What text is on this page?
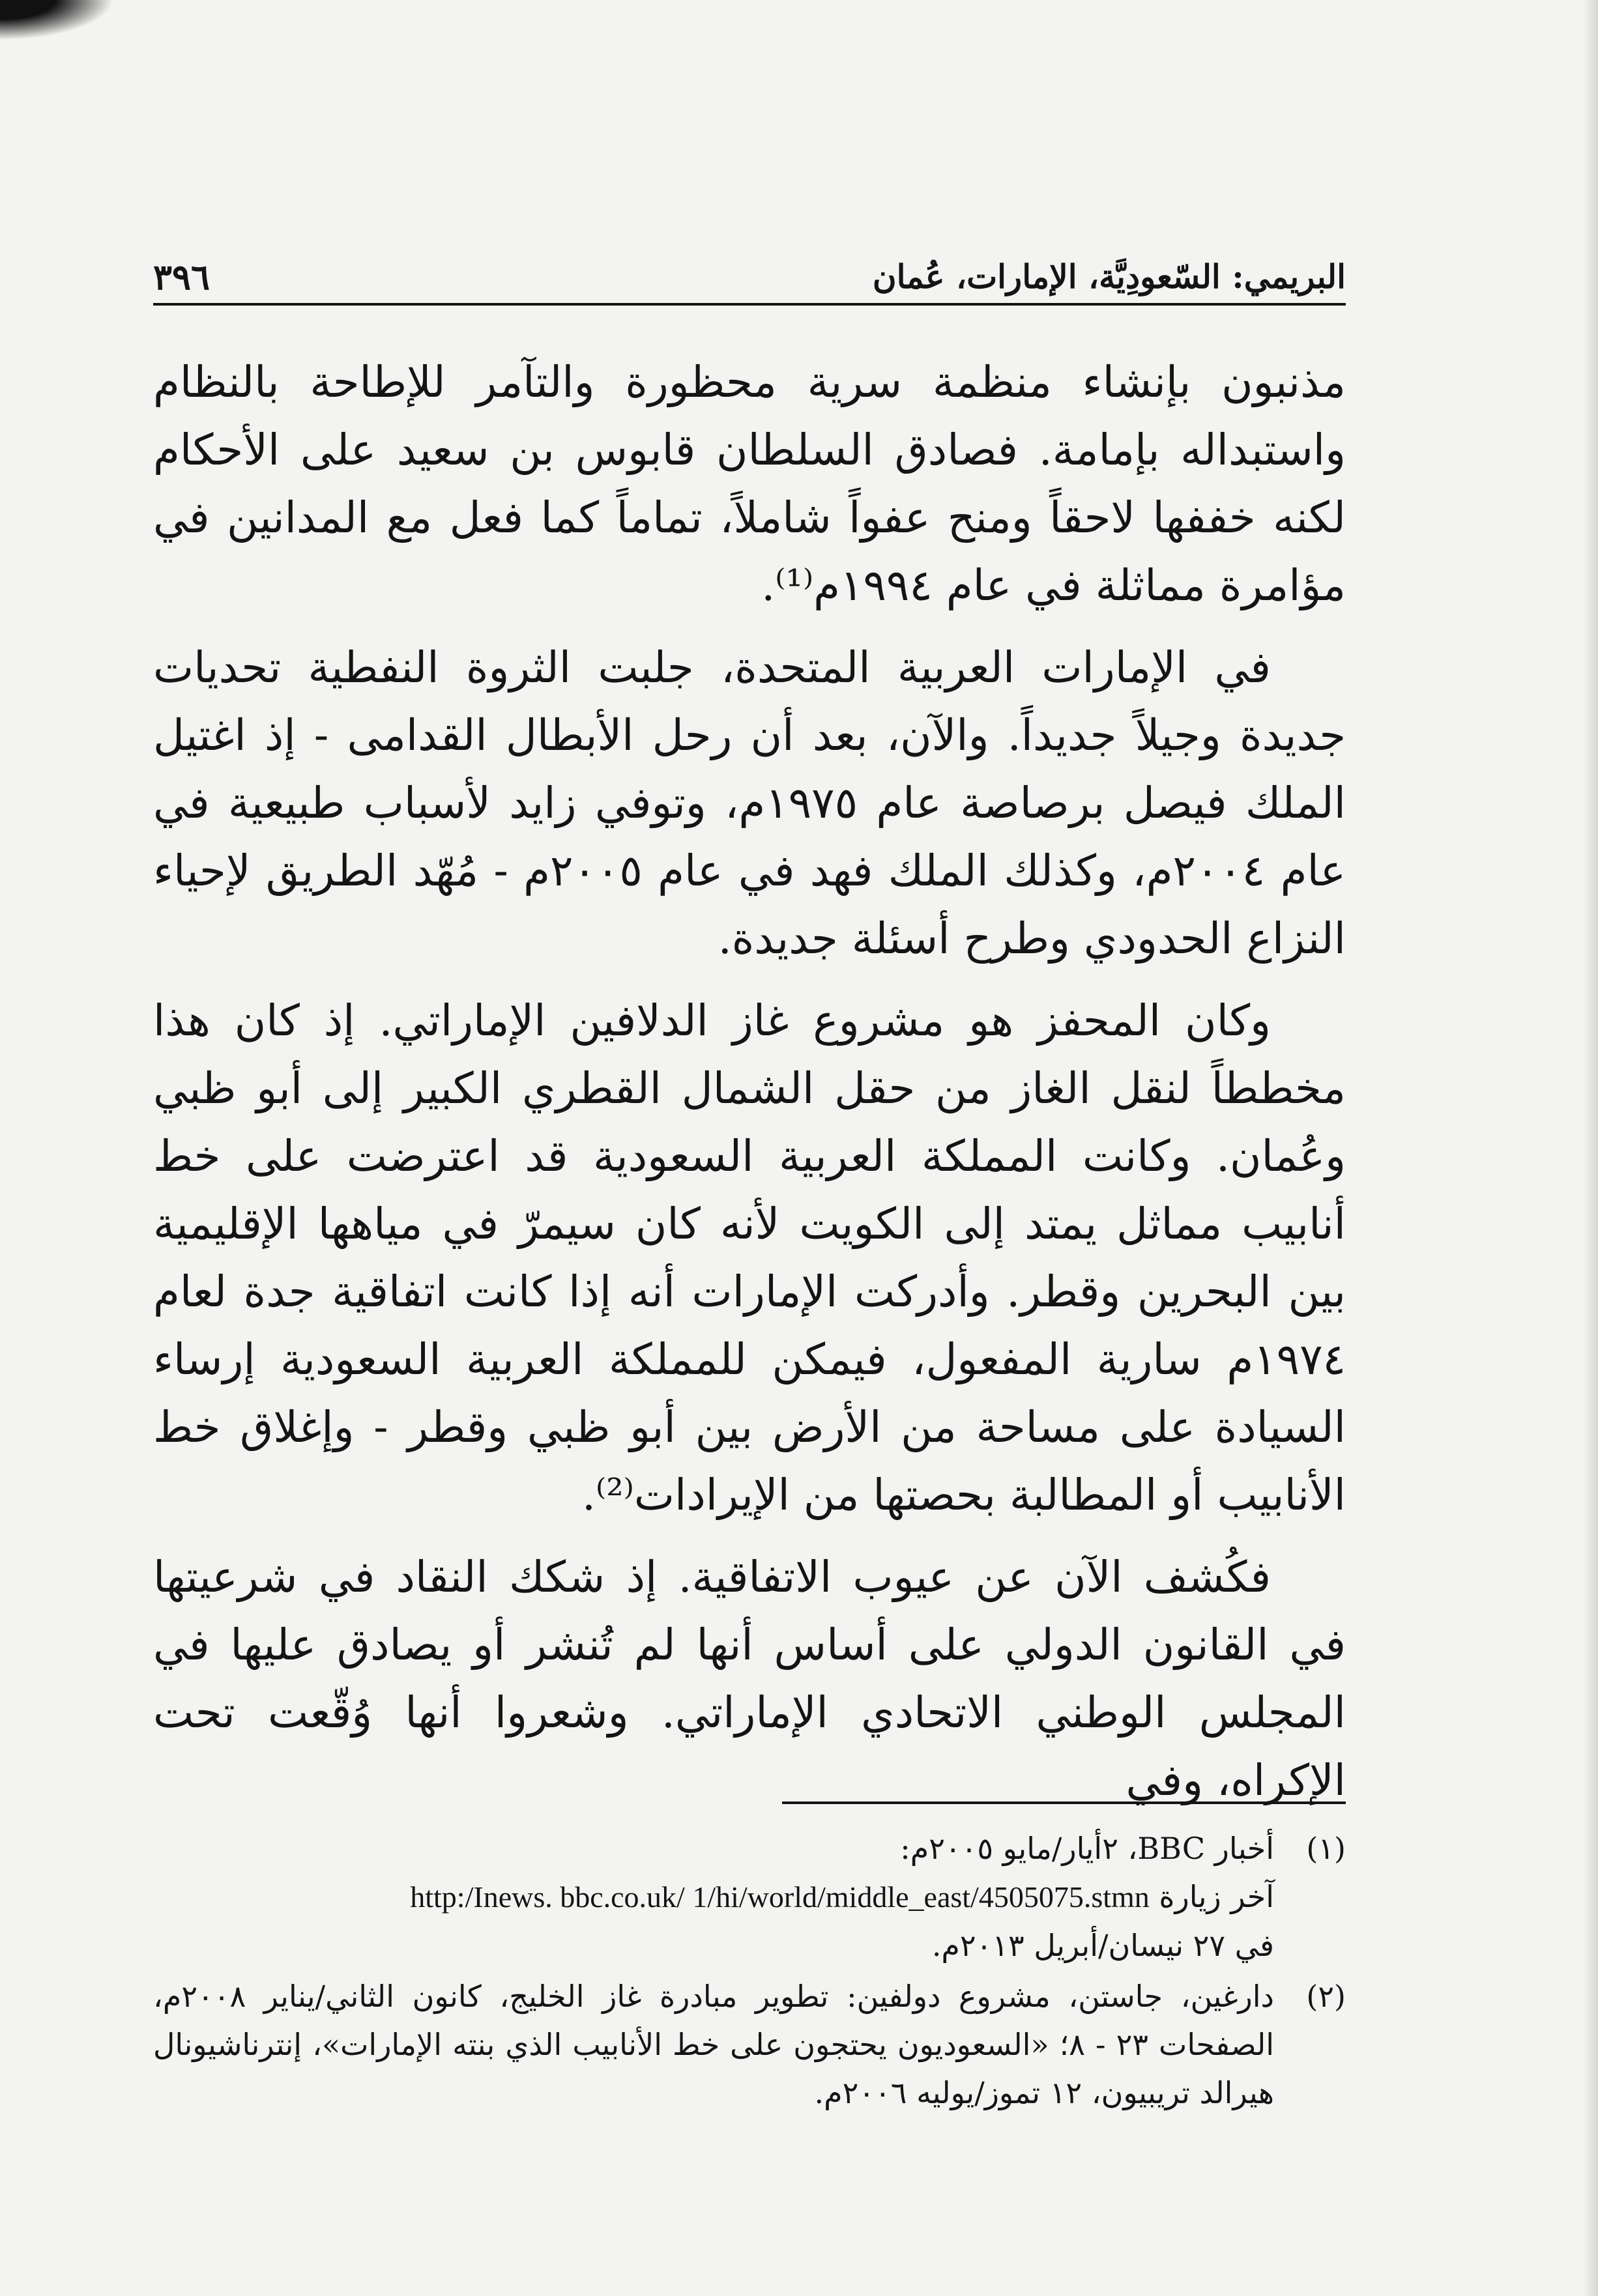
البريمي: السّعودِيَّة، الإمارات، عُمان
٣٩٦

مذنبون بإنشاء منظمة سرية محظورة والتآمر للإطاحة بالنظام واستبداله بإمامة. فصادق السلطان قابوس بن سعيد على الأحكام لكنه خففها لاحقاً ومنح عفواً شاملاً، تماماً كما فعل مع المدانين في مؤامرة مماثلة في عام ١٩٩٤م⁽¹⁾.

في الإمارات العربية المتحدة، جلبت الثروة النفطية تحديات جديدة وجيلاً جديداً. والآن، بعد أن رحل الأبطال القدامى - إذ اغتيل الملك فيصل برصاصة عام ١٩٧٥م، وتوفي زايد لأسباب طبيعية في عام ٢٠٠٤م، وكذلك الملك فهد في عام ٢٠٠٥م - مُهّد الطريق لإحياء النزاع الحدودي وطرح أسئلة جديدة.

وكان المحفز هو مشروع غاز الدلافين الإماراتي. إذ كان هذا مخططاً لنقل الغاز من حقل الشمال القطري الكبير إلى أبو ظبي وعُمان. وكانت المملكة العربية السعودية قد اعترضت على خط أنابيب مماثل يمتد إلى الكويت لأنه كان سيمرّ في مياهها الإقليمية بين البحرين وقطر. وأدركت الإمارات أنه إذا كانت اتفاقية جدة لعام ١٩٧٤م سارية المفعول، فيمكن للمملكة العربية السعودية إرساء السيادة على مساحة من الأرض بين أبو ظبي وقطر - وإغلاق خط الأنابيب أو المطالبة بحصتها من الإيرادات⁽²⁾.

فكُشف الآن عن عيوب الاتفاقية. إذ شكك النقاد في شرعيتها في القانون الدولي على أساس أنها لم تُنشر أو يصادق عليها في المجلس الوطني الاتحادي الإماراتي. وشعروا أنها وُقّعت تحت الإكراه، وفي

(١)
أخبار BBC، ٢أيار/مايو ٢٠٠٥م:
آخر زيارة http:/Inews. bbc.co.uk/ 1/hi/world/middle_east/4505075.stmn
في ٢٧ نيسان/أبريل ٢٠١٣م.
(٢)
دارغين، جاستن، مشروع دولفين: تطوير مبادرة غاز الخليج، كانون الثاني/يناير ٢٠٠٨م، الصفحات ٢٣ - ٨؛ «السعوديون يحتجون على خط الأنابيب الذي بنته الإمارات»، إنترناشيونال هيرالد تريبيون، ١٢ تموز/يوليه ٢٠٠٦م.
